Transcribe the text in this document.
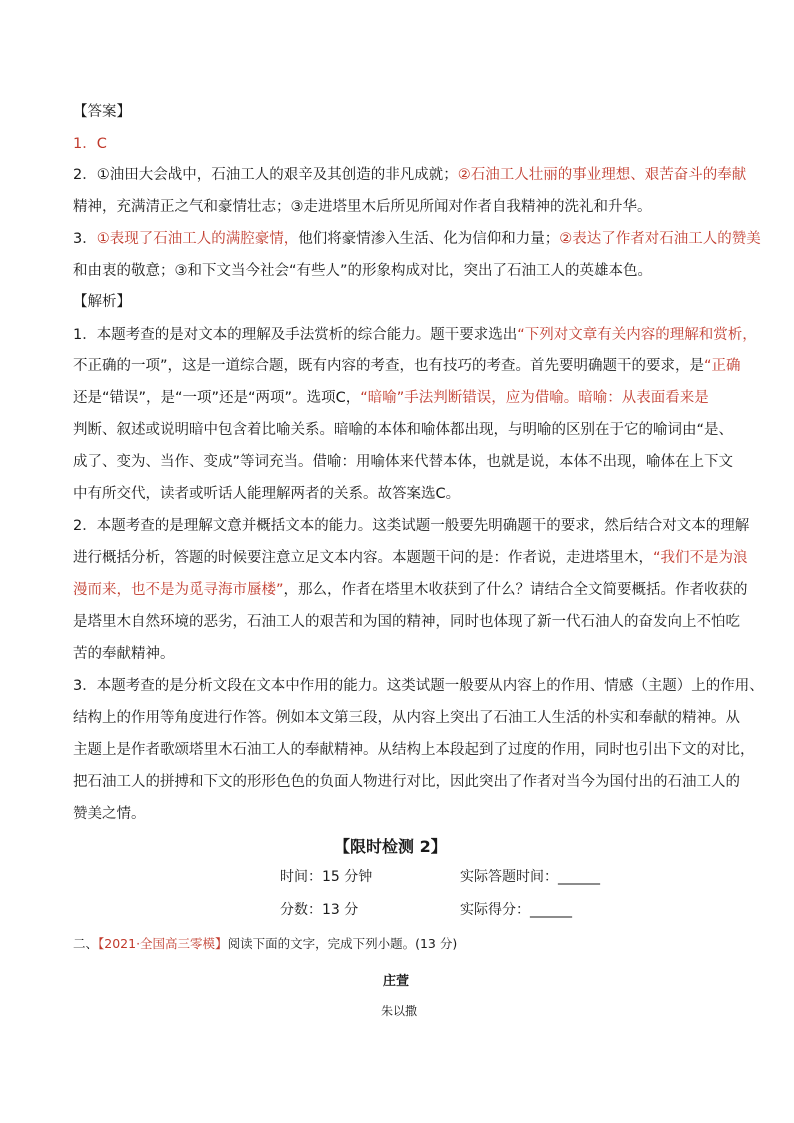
【答案】
1．C
2．①油田大会战中，石油工人的艰辛及其创造的非凡成就；②石油工人壮丽的事业理想、艰苦奋斗的奉献
精神，充满清正之气和豪情壮志；③走进塔里木后所见所闻对作者自我精神的洗礼和升华。
3．①表现了石油工人的满腔豪情，他们将豪情渗入生活、化为信仰和力量；②表达了作者对石油工人的赞美
和由衷的敬意；③和下文当今社会“有些人”的形象构成对比，突出了石油工人的英雄本色。
【解析】
1．本题考查的是对文本的理解及手法赏析的综合能力。题干要求选出“下列对文章有关内容的理解和赏析，
不正确的一项”，这是一道综合题，既有内容的考查，也有技巧的考查。首先要明确题干的要求，是“正确
还是“错误”，是“一项”还是“两项”。选项C，“暗喻”手法判断错误，应为借喻。暗喻：从表面看来是
判断、叙述或说明暗中包含着比喻关系。暗喻的本体和喻体都出现，与明喻的区别在于它的喻词由“是、
成了、变为、当作、变成”等词充当。借喻：用喻体来代替本体，也就是说，本体不出现，喻体在上下文
中有所交代，读者或听话人能理解两者的关系。故答案选C。
2．本题考查的是理解文意并概括文本的能力。这类试题一般要先明确题干的要求，然后结合对文本的理解
进行概括分析，答题的时候要注意立足文本内容。本题题干问的是：作者说，走进塔里木，“我们不是为浪
漫而来，也不是为觅寻海市蜃楼”，那么，作者在塔里木收获到了什么？请结合全文简要概括。作者收获的
是塔里木自然环境的恶劣，石油工人的艰苦和为国的精神，同时也体现了新一代石油人的奋发向上不怕吃
苦的奉献精神。
3．本题考查的是分析文段在文本中作用的能力。这类试题一般要从内容上的作用、情感（主题）上的作用、
结构上的作用等角度进行作答。例如本文第三段，从内容上突出了石油工人生活的朴实和奉献的精神。从
主题上是作者歌颂塔里木石油工人的奉献精神。从结构上本段起到了过度的作用，同时也引出下文的对比，
把石油工人的拼搏和下文的形形色色的负面人物进行对比，因此突出了作者对当今为国付出的石油工人的
赞美之情。
【限时检测 2】
时间：15 分钟	实际答题时间：______
分数：13 分	实际得分：______
二、【2021·全国高三零模】阅读下面的文字，完成下列小题。(13 分)
庄萱
朱以撒
